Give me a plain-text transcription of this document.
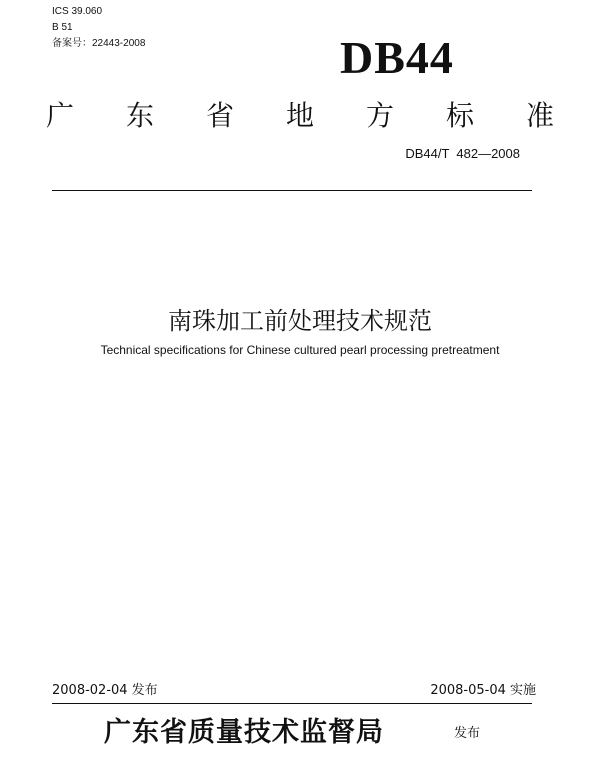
ICS 39.060
B 51
备案号：22443-2008	DB44
广 东 省 地 方 标 准
DB44/T  482—2008
南珠加工前处理技术规范
Technical specifications for Chinese cultured pearl processing pretreatment
2008-02-04 发布	2008-05-04 实施
广东省质量技术监督局	发布
